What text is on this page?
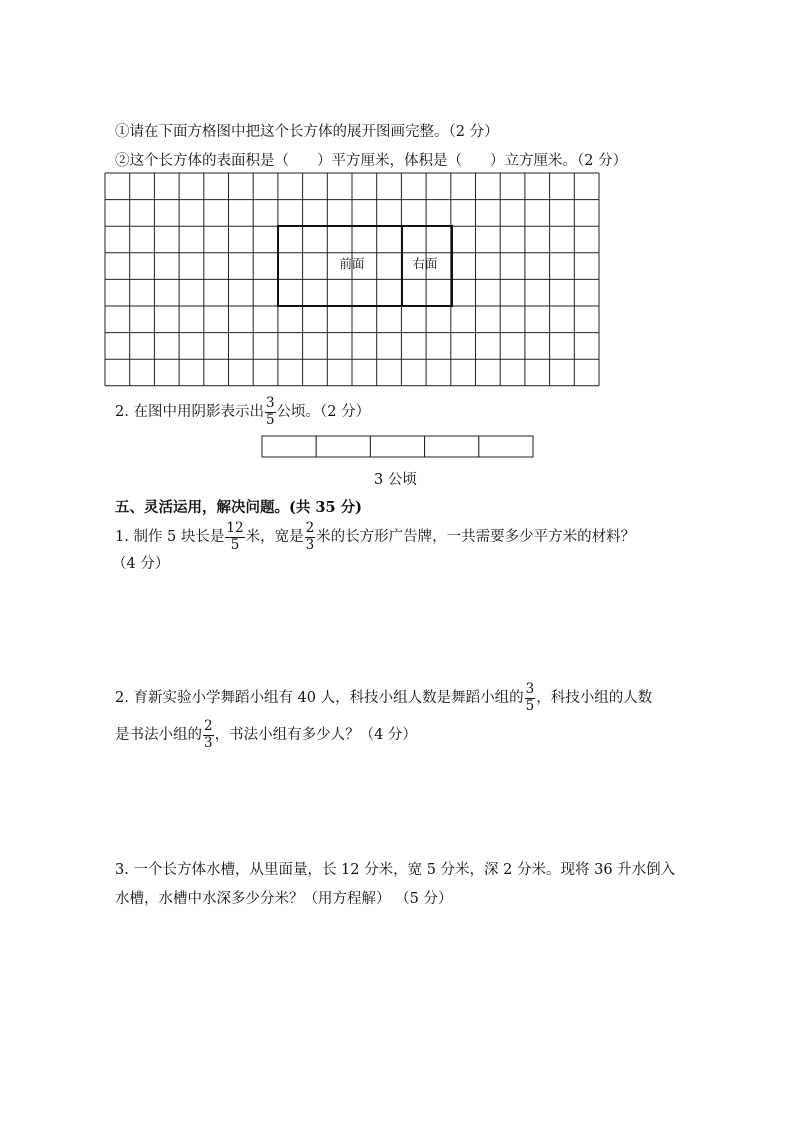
①请在下面方格图中把这个长方体的展开图画完整。（2 分）
②这个长方体的表面积是（ ）平方厘米，体积是（ ）立方厘米。（2 分）
前面	右面
2. 在图中用阴影表示出 $\frac{3}{5}$ 公顷。（2 分）
3 公顷
五、灵活运用，解决问题。(共 35 分)
1. 制作 5 块长是 $\frac{12}{5}$ 米，宽是 $\frac{2}{3}$ 米的长方形广告牌，一共需要多少平方米的材料？
（4 分）
2. 育新实验小学舞蹈小组有 40 人，科技小组人数是舞蹈小组的 $\frac{3}{5}$ ，科技小组的人数
是书法小组的 $\frac{2}{3}$ ，书法小组有多少人？（4 分）
3. 一个长方体水槽，从里面量，长 12 分米，宽 5 分米，深 2 分米。现将 36 升水倒入
水槽，水槽中水深多少分米？（用方程解） （5 分）
